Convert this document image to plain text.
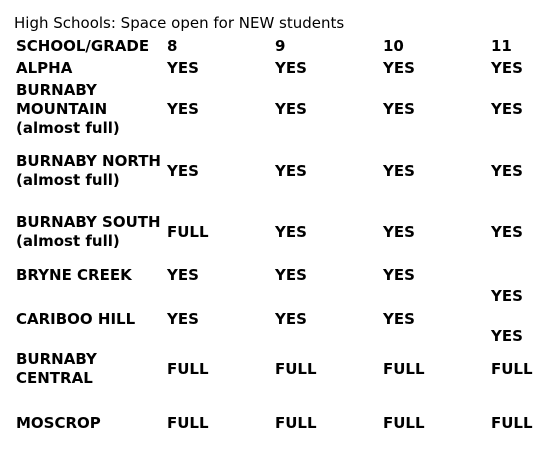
High Schools: Space open for NEW students
SCHOOL/GRADE	8	9	10	11
ALPHA	YES	YES	YES	YES
BURNABY MOUNTAIN (almost full)	YES	YES	YES	YES
BURNABY NORTH (almost full)	YES	YES	YES	YES
BURNABY SOUTH (almost full)	FULL	YES	YES	YES
BRYNE CREEK	YES	YES	YES	YES
CARIBOO HILL	YES	YES	YES	YES
BURNABY CENTRAL	FULL	FULL	FULL	FULL
MOSCROP	FULL	FULL	FULL	FULL
